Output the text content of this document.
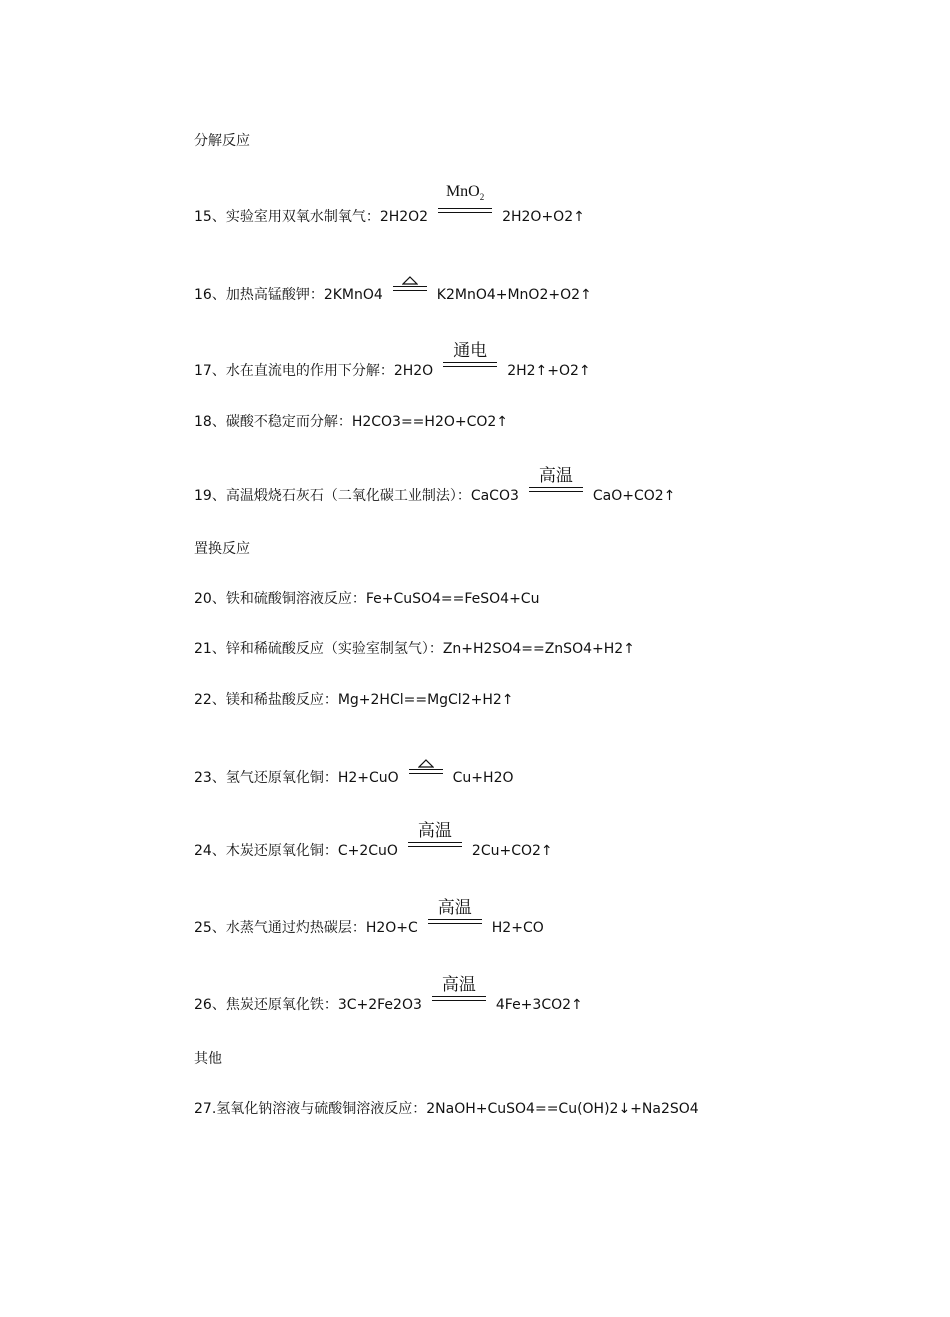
分解反应
15、实验室用双氧水制氧气：2H2O2
MnO$_2$
2H2O+O2↑
16、加热高锰酸钾：2KMnO4	K2MnO4+MnO2+O2↑
17、水在直流电的作用下分解：2H2O
通电
2H2↑+O2↑
18、碳酸不稳定而分解：H2CO3==H2O+CO2↑
19、高温煅烧石灰石（二氧化碳工业制法）：CaCO3
高温
CaO+CO2↑
置换反应
20、铁和硫酸铜溶液反应：Fe+CuSO4==FeSO4+Cu
21、锌和稀硫酸反应（实验室制氢气）：Zn+H2SO4==ZnSO4+H2↑
22、镁和稀盐酸反应：Mg+2HCl==MgCl2+H2↑
23、氢气还原氧化铜：H2+CuO	Cu+H2O
24、木炭还原氧化铜：C+2CuO
高温
2Cu+CO2↑
25、水蒸气通过灼热碳层：H2O+C
高温
H2+CO
26、焦炭还原氧化铁：3C+2Fe2O3
高温
4Fe+3CO2↑
其他
27.氢氧化钠溶液与硫酸铜溶液反应：2NaOH+CuSO4==Cu(OH)2↓+Na2SO4
